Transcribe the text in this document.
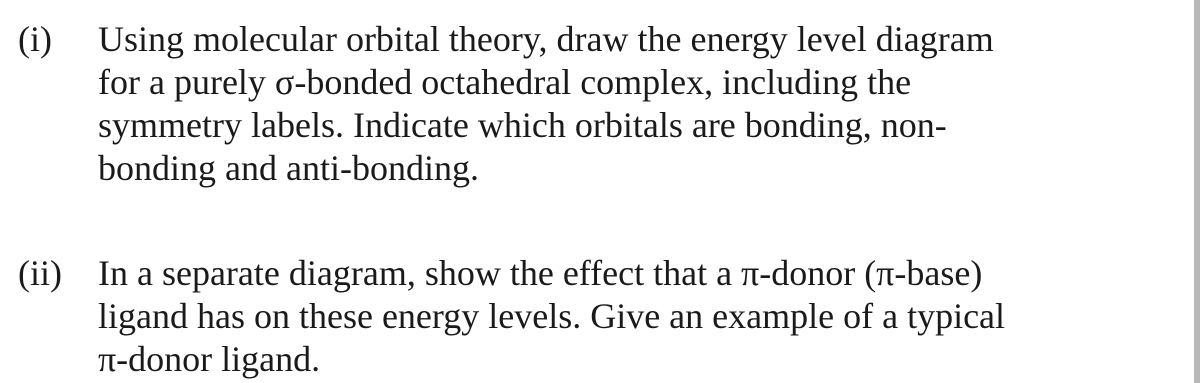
(i) Using molecular orbital theory, draw the energy level diagram
for a purely σ-bonded octahedral complex, including the
symmetry labels. Indicate which orbitals are bonding, non-
bonding and anti-bonding.
(ii) In a separate diagram, show the effect that a π-donor (π-base)
ligand has on these energy levels. Give an example of a typical
π-donor ligand.
